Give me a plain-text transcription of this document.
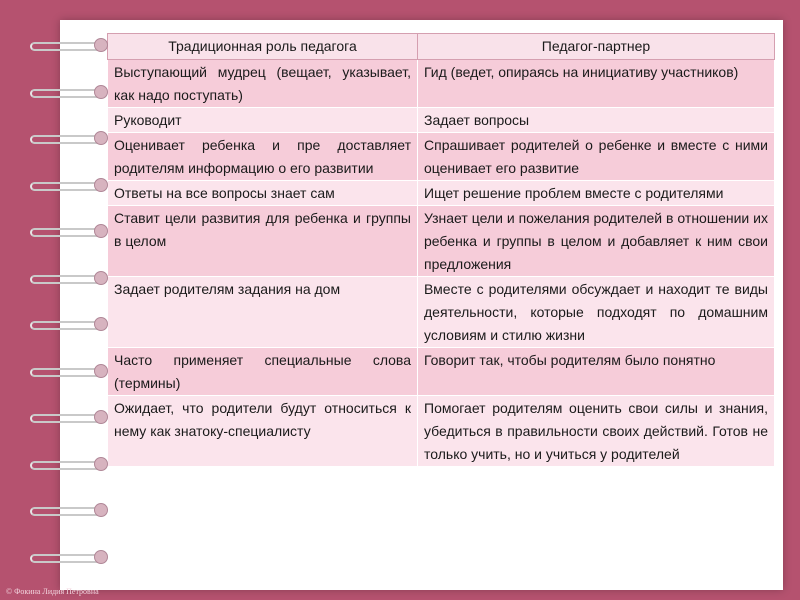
Традиционная роль педагога	Педагог-партнер
Выступающий мудрец (вещает, указывает, как надо поступать)	Гид (ведет, опираясь на инициативу участников)
Руководит	Задает вопросы
Оценивает ребенка и пре доставляет родителям информацию о его развитии	Спрашивает родителей о ребенке и вместе с ними оценивает его развитие
Ответы на все вопросы знает сам	Ищет решение проблем вместе с родителями
Ставит цели развития для ребенка и группы в целом	Узнает цели и пожелания родителей в отношении их ребенка и группы в целом и добавляет к ним свои предложения
Задает родителям задания на дом	Вместе с родителями обсуждает и находит те виды деятельности, которые подходят по домашним условиям и стилю жизни
Часто применяет специальные слова (термины)	Говорит так, чтобы родителям было понятно
Ожидает, что родители будут относиться к нему как знатоку-специалисту	Помогает родителям оценить свои силы и знания, убедиться в правильности своих действий. Готов не только учить, но и учиться у родителей
© Фокина Лидия Петровна
